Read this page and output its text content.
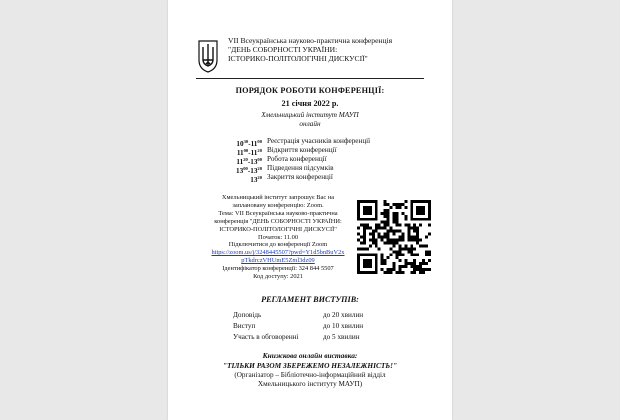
VII Всеукраїнська науково-практична конференція
"ДЕНЬ СОБОРНОСТІ УКРАЇНИ:
ІСТОРИКО-ПОЛІТОЛОГІЧНІ ДИСКУСІЇ"
ПОРЯДОК РОБОТИ КОНФЕРЕНЦІЇ:
21 січня 2022 р.
Хмельницький інститут МАУП
онлайн
$10^{30}-11^{00}$ Реєстрація учасників конференції
$11^{00}-11^{20}$ Відкриття конференції
$11^{20}-13^{00}$ Робота конференції
$13^{00}-13^{20}$ Підведення підсумків
$13^{20}$ Закриття конференції
Хмельницький інститут запрошує Вас на
заплановану конференцію: Zoom.
Тема: VII Всеукраїнська науково-практична
конференція "ДЕНЬ СОБОРНОСТІ УКРАЇНИ:
ІСТОРИКО-ПОЛІТОЛОГІЧНІ ДИСКУСІЇ"
Початок: 11.00
Підключитися до конференції Zoom
https://zoom.us/j/3248445507?pwd=Y1d5bnBuV2x
pTkdrczVHUmE5Zml3dz09
Ідентифікатор конференції: 324 844 5507
Код доступу: 2021
РЕГЛАМЕНТ ВИСТУПІВ:
Доповідь	до 20 хвилин
Виступ	до 10 хвилин
Участь в обговоренні	до 5 хвилин
Книжкова онлайн виставка:
"ТІЛЬКИ РАЗОМ ЗБЕРЕЖЕМО НЕЗАЛЕЖНІСТЬ!"
(Організатор – Бібліотечно-інформаційний відділ
Хмельницького інституту МАУП)
